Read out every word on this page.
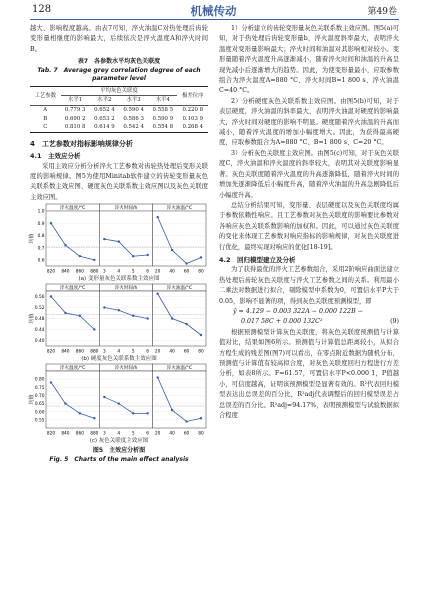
128	机械传动	第49卷

越大、影响程度越高。由表7可知，淬火油温C对热处理后齿轮变形量相继度的影响最大，后续依次是淬火温度A和淬火时间B。

表7　各参数水平均灰色关联度
Tab. 7　Average grey correlation degree of each parameter level
工艺参数	平均灰色关联度				极差位序
	水平1	水平2	水平3	水平4	
A	0.779 3	0.652 4	0.590 4	0.558 5	0.220 8
B	0.690 2	0.653 2	0.586 3	0.590 9	0.103 9
C	0.810 8	0.614 9	0.542 4	0.554 8	0.268 4
4　工艺参数对指标影响规律分析
4.1　主效应分析

采用主效应分析分析淬火工艺参数对齿轮热处理后变形关联度的影响规律。图5为使用Minitab软件建立的齿轮变形量灰色关联系数主效应图、硬度灰色关联系数主效应图以及灰色关联度主效应图。

均值
1.0
0.9
0.8
0.7
0.6
淬火温度/°C
820 840 860 880
淬火时间/h
3	4	5	6
淬火油温/°C
20 40 60 80
(a) 变形量灰色关联系数主效应图
均值
0.56
0.52
0.48
0.44
0.40
淬火温度/°C
820 840 860 880
淬火时间/h
3	4	5	6
淬火油温/°C
20 40 60 80
(b) 硬度灰色关联系数主效应图
均值
0.80
0.75
0.70
0.65
0.60
0.55
淬火温度/°C
820 840 860 880
淬火时间/h
3	4	5	6
淬火油温/°C
20 40 60 80
(c) 灰色关联度主效应图
图5　主效应分析图
Fig. 5　Charts of the main effect analysis

1）分析建立的齿轮变形量灰色关联系数主效应图。图5(a)可知，对于热处理后齿轮变形量b，淬火温度斜率最大，表明淬火温度对变形量影响最大；淬火时间和油温对其影响相对较小。变形量随着淬火温度升高逐渐减小，随着淬火时间和油温的升高呈现先减小后逐渐增大的趋势。因此，为使变形量最小，应取参数组合为淬火温度A=880 °C、淬火时间B=1 800 s、淬火油温C=40 °C。

2）分析硬度灰色关联系数主效应图。由图5(b)可知，对于表层硬度，淬火油温的斜率最大，表明淬火油温对硬度的影响最大，淬火时间对硬度的影响不明显。硬度随着淬火油温的升高而减小，随着淬火温度的增加小幅度增大。因此，为获得最高硬度，应取参数组合为A=880 °C、B=1 800 s、C=20 °C。

3）分析灰色关联度主效应图。由图5(c)可知，对于灰色关联度C，淬火油温和淬火温度的斜率较大，表明其对关联度影响显著。灰色关联度随着淬火温度的升高逐渐降低，随着淬火时间的增加先逐渐降低后小幅度升高，随着淬火油温的升高急剧降低后小幅度升高。

总结分析结果可知，变形量、表层硬度以及灰色关联度均属于参数依赖性响应。且工艺参数对灰色关联度的影响要比参数对各响应灰色关联系数影响的加权和。因此，可以通过灰色关联度的变化来体现工艺参数对响应指标的影响规律，对灰色关联度进行优化，最终实现对响应的优化[18-19]。

4.2　回归模型建立及分析

为了获得最优的淬火工艺参数组合，采用2阶响应曲面法建立热处理后齿轮灰色关联度与淬火工艺参数之间的关系。利用最小二乘法对数据进行拟合，剔除模型中系数为0，可置信水平P大于0.05，影响不显著的项，得到灰色关联度预测模型，即

ŷ = 4.129 − 0.003 322A − 0.000 122B −
0.017 58C + 0.000 132C²	(9)

根据预测模型计算灰色关联度，将灰色关联度预测值与计算值对比，结果如图6所示。预测值与计算值总距离较小，从拟合方程生成的残差图(图7)可以看出，在零点附近数据为随机分布，预测值与计算值有较高拟合度，对灰色关联度回归方程进行方差分析，如表8所示。F=61.57，可置信水平P<0.000 1，P值越小，可信度越高，证明该预测模型是显著有效的。R²代表回归模型表达出总误差的百分比，R²adj代表调整后的回归模型误差占总误差的百分比。R²adj=94.17%，表明预测模型与试验数据拟合程度
